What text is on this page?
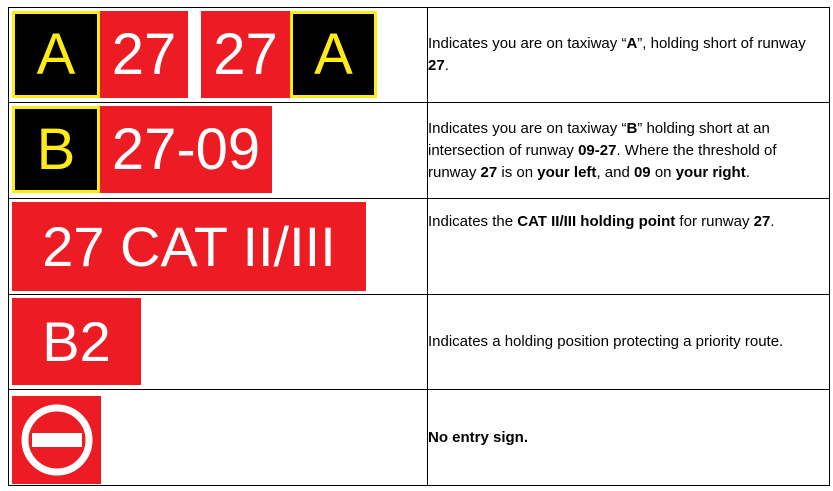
A 27 27 A	Indicates you are on taxiway “A”, holding short of runway 27.

B 27-09	Indicates you are on taxiway “B” holding short at an intersection of runway 09-27. Where the threshold of runway 27 is on your left, and 09 on your right.

27 CAT II/III	Indicates the CAT II/III holding point for runway 27.

B2	Indicates a holding position protecting a priority route.

	No entry sign.
